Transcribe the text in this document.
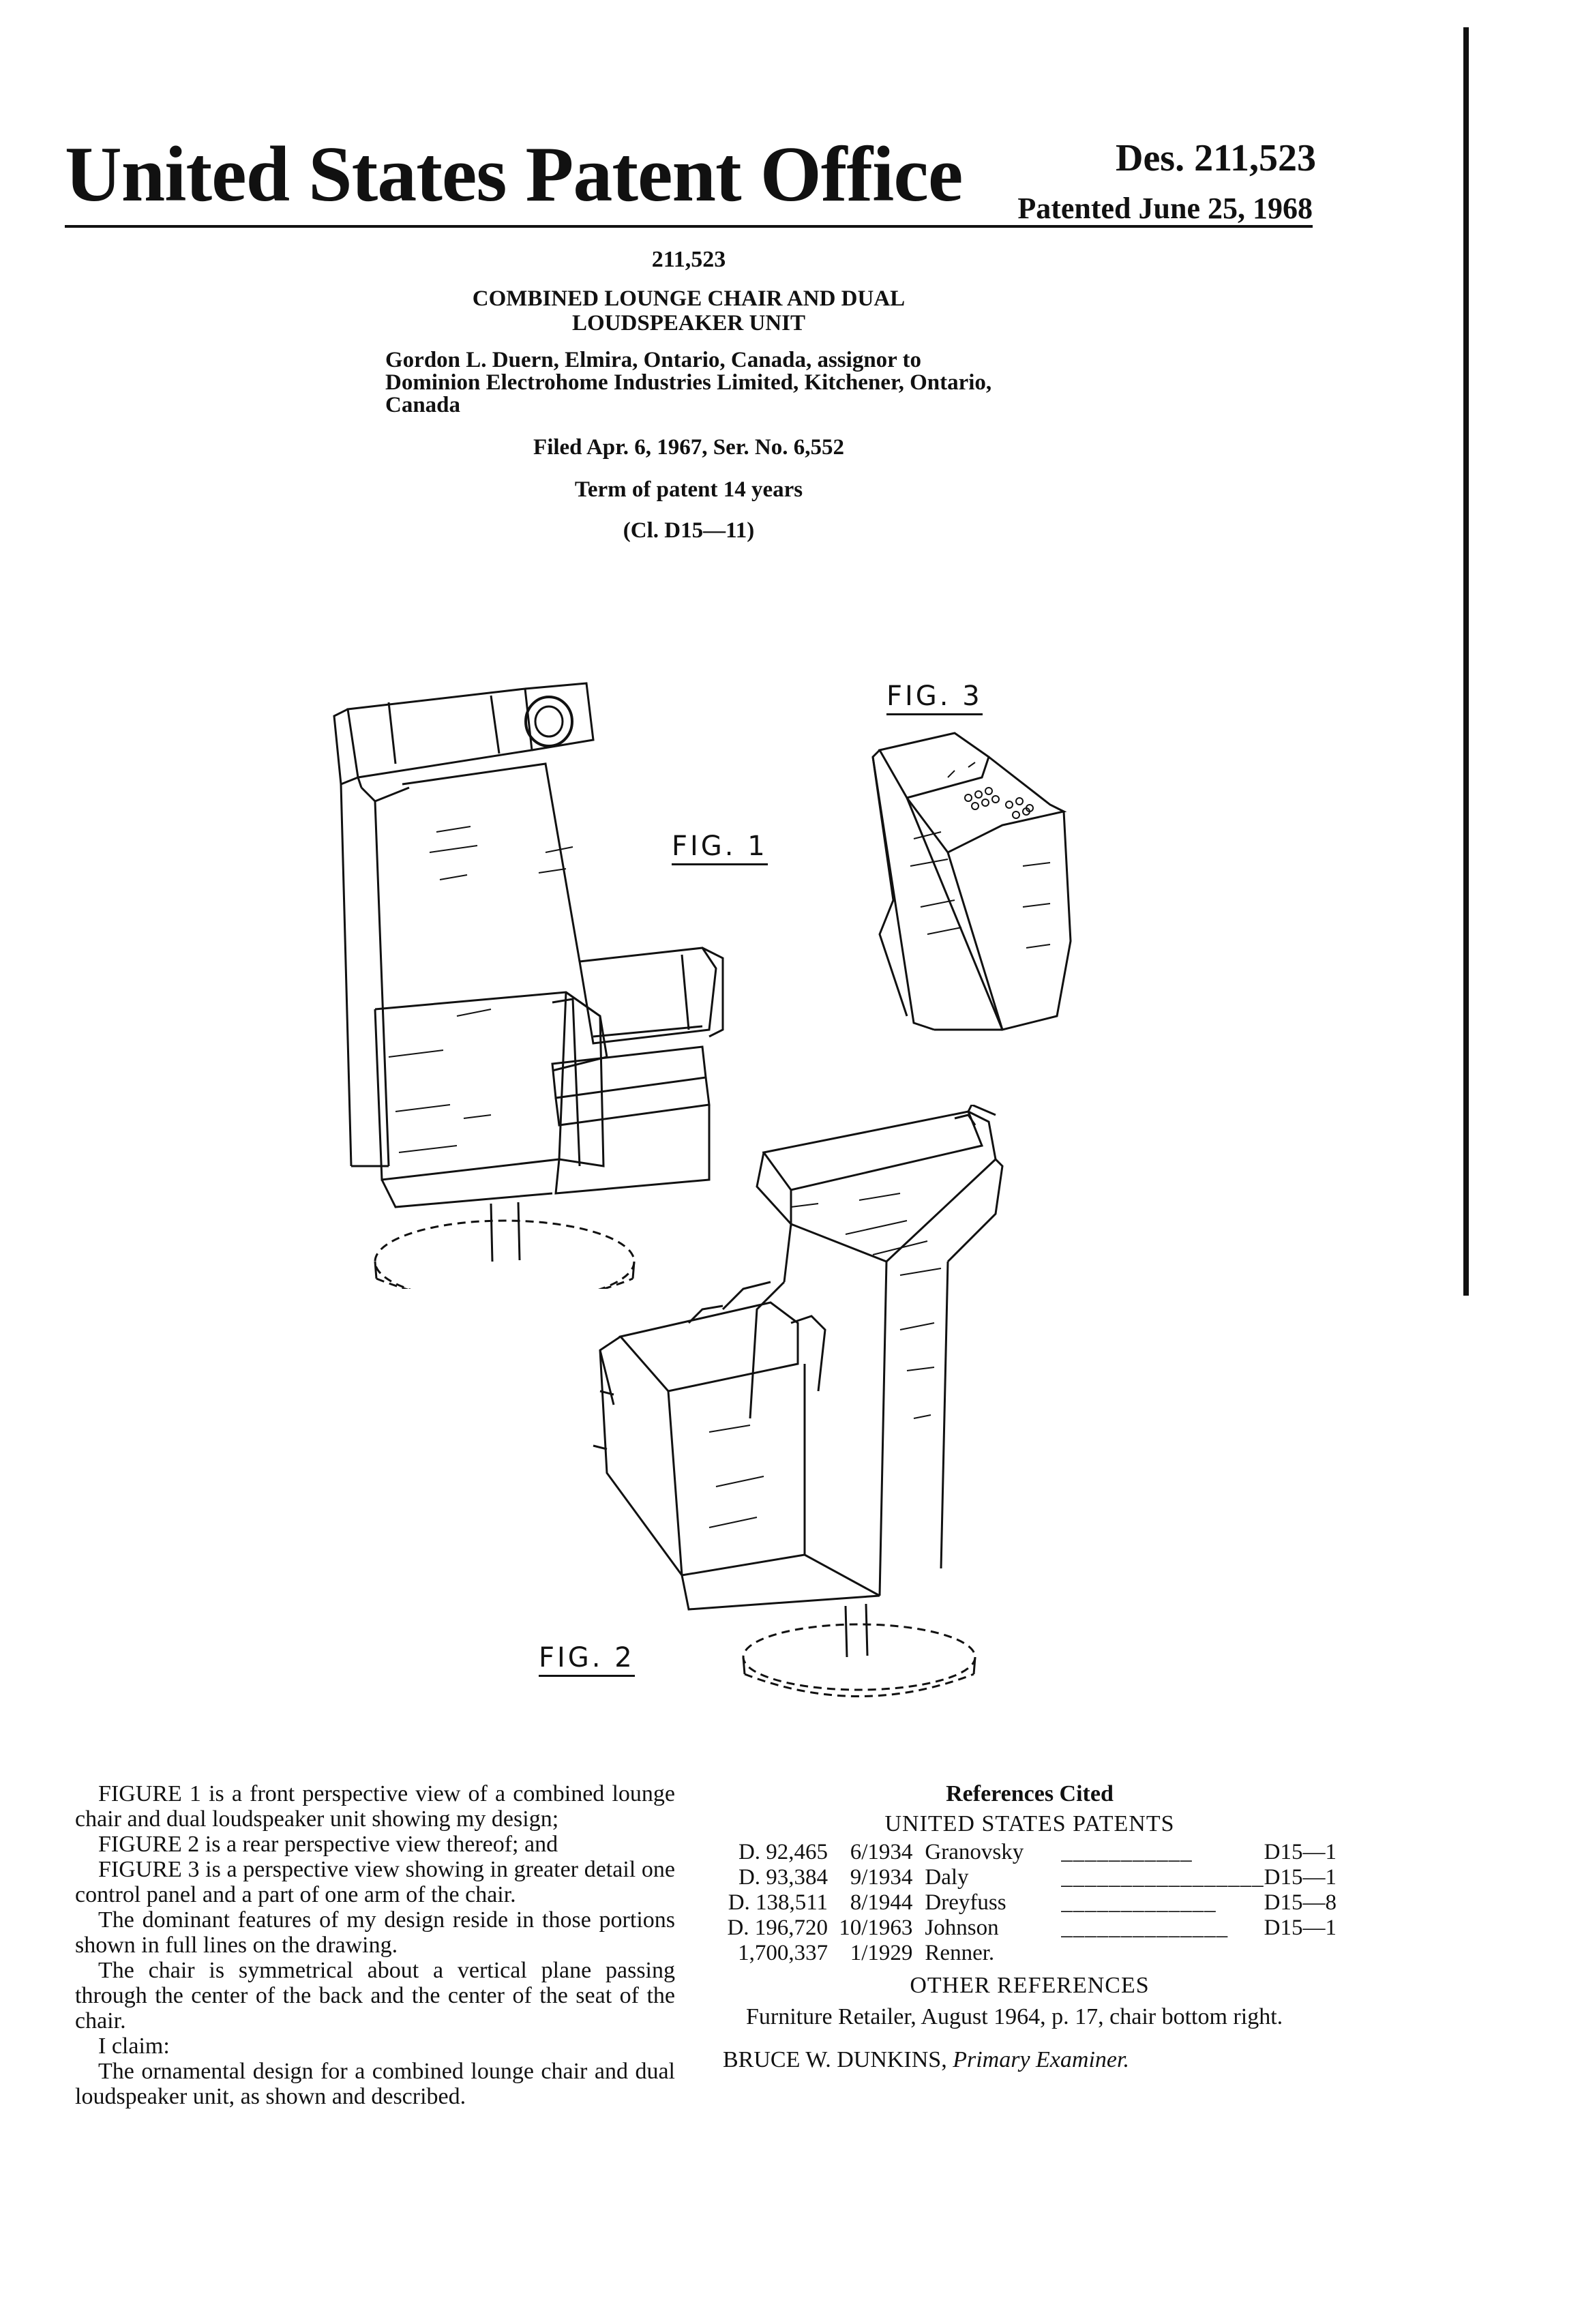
United States Patent Office	Des. 211,523
Patented June 25, 1968
211,523
COMBINED LOUNGE CHAIR AND DUAL
LOUDSPEAKER UNIT
Gordon L. Duern, Elmira, Ontario, Canada, assignor to Dominion Electrohome Industries Limited, Kitchener, Ontario, Canada
Filed Apr. 6, 1967, Ser. No. 6,552
Term of patent 14 years
(Cl. D15—11)
FIG. 1
FIG. 2
FIG. 3

FIGURE 1 is a front perspective view of a combined lounge chair and dual loudspeaker unit showing my design;

FIGURE 2 is a rear perspective view thereof; and

FIGURE 3 is a perspective view showing in greater detail one control panel and a part of one arm of the chair.

The dominant features of my design reside in those portions shown in full lines on the drawing.

The chair is symmetrical about a vertical plane passing through the center of the back and the center of the seat of the chair.

I claim:

The ornamental design for a combined lounge chair and dual loudspeaker unit, as shown and described.

References Cited
UNITED STATES PATENTS
D. 92,465	6/1934	Granovsky	___________	D15—1
D. 93,384	9/1934	Daly	_________________	D15—1
D. 138,511	8/1944	Dreyfuss	_____________	D15—8
D. 196,720	10/1963	Johnson	______________	D15—1
1,700,337	1/1929	Renner.		
OTHER REFERENCES
Furniture Retailer, August 1964, p. 17, chair bottom right.
BRUCE W. DUNKINS, Primary Examiner.
